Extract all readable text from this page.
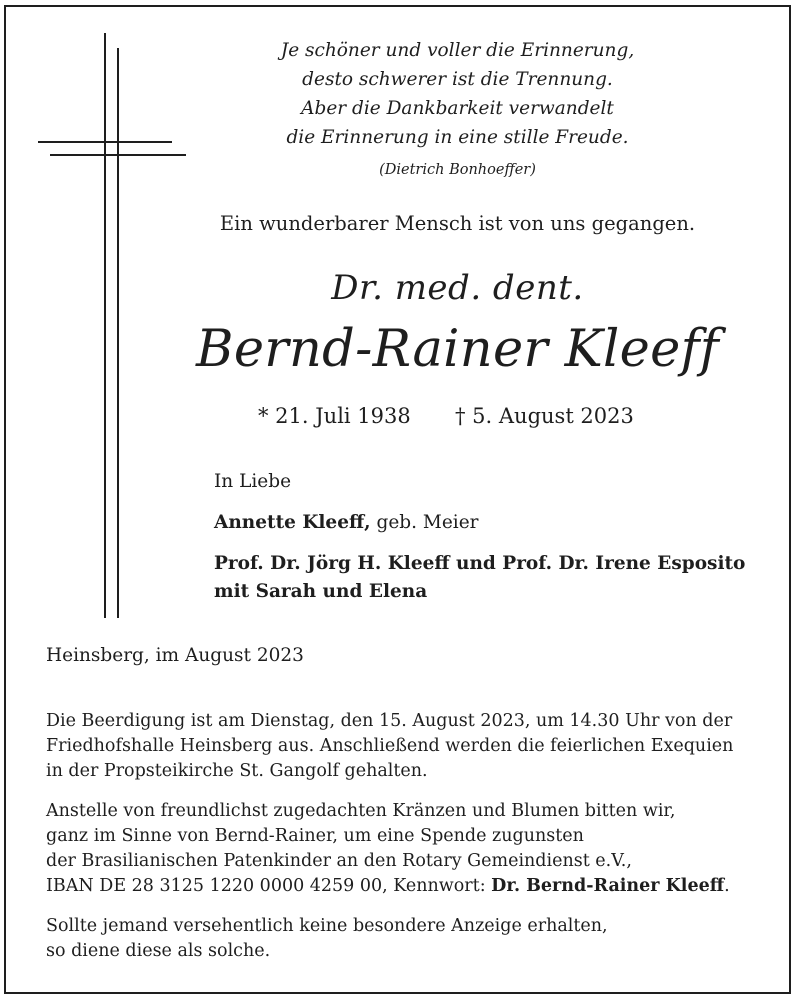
Je schöner und voller die Erinnerung,
desto schwerer ist die Trennung.
Aber die Dankbarkeit verwandelt
die Erinnerung in eine stille Freude.
(Dietrich Bonhoeffer)
Ein wunderbarer Mensch ist von uns gegangen.
Dr. med. dent.
Bernd-Rainer Kleeff
* 21. Juli 1938 † 5. August 2023
In Liebe
Annette Kleeff, geb. Meier
Prof. Dr. Jörg H. Kleeff und Prof. Dr. Irene Esposito
mit Sarah und Elena
Heinsberg, im August 2023
Die Beerdigung ist am Dienstag, den 15. August 2023, um 14.30 Uhr von der
Friedhofshalle Heinsberg aus. Anschließend werden die feierlichen Exequien
in der Propsteikirche St. Gangolf gehalten.
Anstelle von freundlichst zugedachten Kränzen und Blumen bitten wir,
ganz im Sinne von Bernd-Rainer, um eine Spende zugunsten
der Brasilianischen Patenkinder an den Rotary Gemeindienst e.V.,
IBAN DE 28 3125 1220 0000 4259 00, Kennwort: Dr. Bernd-Rainer Kleeff.
Sollte jemand versehentlich keine besondere Anzeige erhalten,
so diene diese als solche.
